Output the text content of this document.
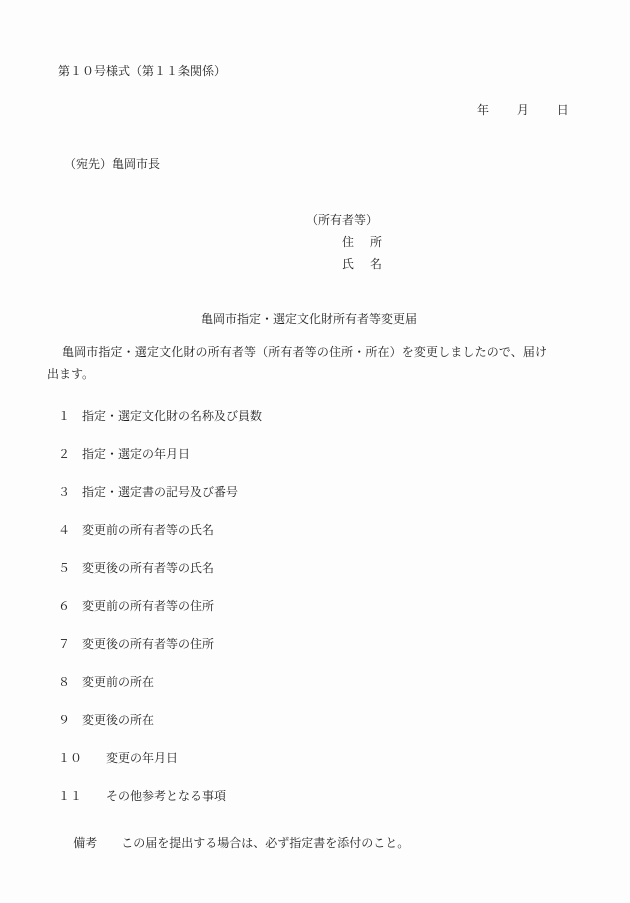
第１０号様式（第１１条関係）
年　　月　　日
（宛先）亀岡市長
（所有者等）
住　所
氏　名
亀岡市指定・選定文化財所有者等変更届
亀岡市指定・選定文化財の所有者等（所有者等の住所・所在）を変更しましたので、届け出ます。
１　指定・選定文化財の名称及び員数
２　指定・選定の年月日
３　指定・選定書の記号及び番号
４　変更前の所有者等の氏名
５　変更後の所有者等の氏名
６　変更前の所有者等の住所
７　変更後の所有者等の住所
８　変更前の所在
９　変更後の所在
１０　　変更の年月日
１１　　その他参考となる事項

備考 この届を提出する場合は、必ず指定書を添付のこと。
